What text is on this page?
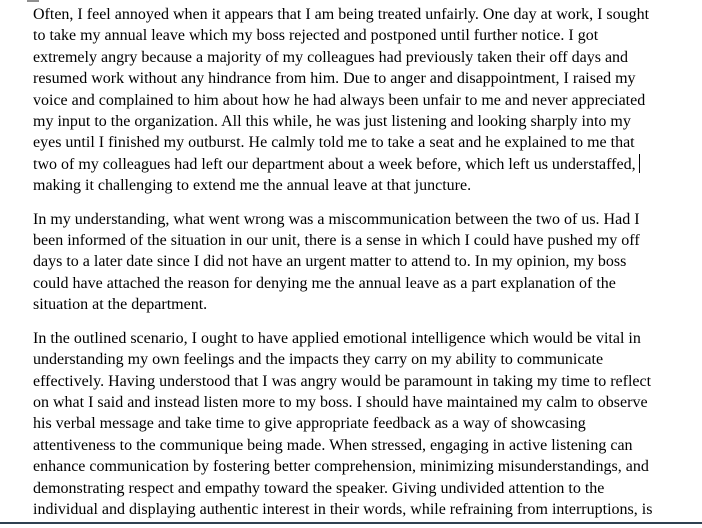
Often, I feel annoyed when it appears that I am being treated unfairly. One day at work, I sought
to take my annual leave which my boss rejected and postponed until further notice. I got
extremely angry because a majority of my colleagues had previously taken their off days and
resumed work without any hindrance from him. Due to anger and disappointment, I raised my
voice and complained to him about how he had always been unfair to me and never appreciated
my input to the organization. All this while, he was just listening and looking sharply into my
eyes until I finished my outburst. He calmly told me to take a seat and he explained to me that
two of my colleagues had left our department about a week before, which left us understaffed,
making it challenging to extend me the annual leave at that juncture.
In my understanding, what went wrong was a miscommunication between the two of us. Had I
been informed of the situation in our unit, there is a sense in which I could have pushed my off
days to a later date since I did not have an urgent matter to attend to. In my opinion, my boss
could have attached the reason for denying me the annual leave as a part explanation of the
situation at the department.
In the outlined scenario, I ought to have applied emotional intelligence which would be vital in
understanding my own feelings and the impacts they carry on my ability to communicate
effectively. Having understood that I was angry would be paramount in taking my time to reflect
on what I said and instead listen more to my boss. I should have maintained my calm to observe
his verbal message and take time to give appropriate feedback as a way of showcasing
attentiveness to the communique being made. When stressed, engaging in active listening can
enhance communication by fostering better comprehension, minimizing misunderstandings, and
demonstrating respect and empathy toward the speaker. Giving undivided attention to the
individual and displaying authentic interest in their words, while refraining from interruptions, is
